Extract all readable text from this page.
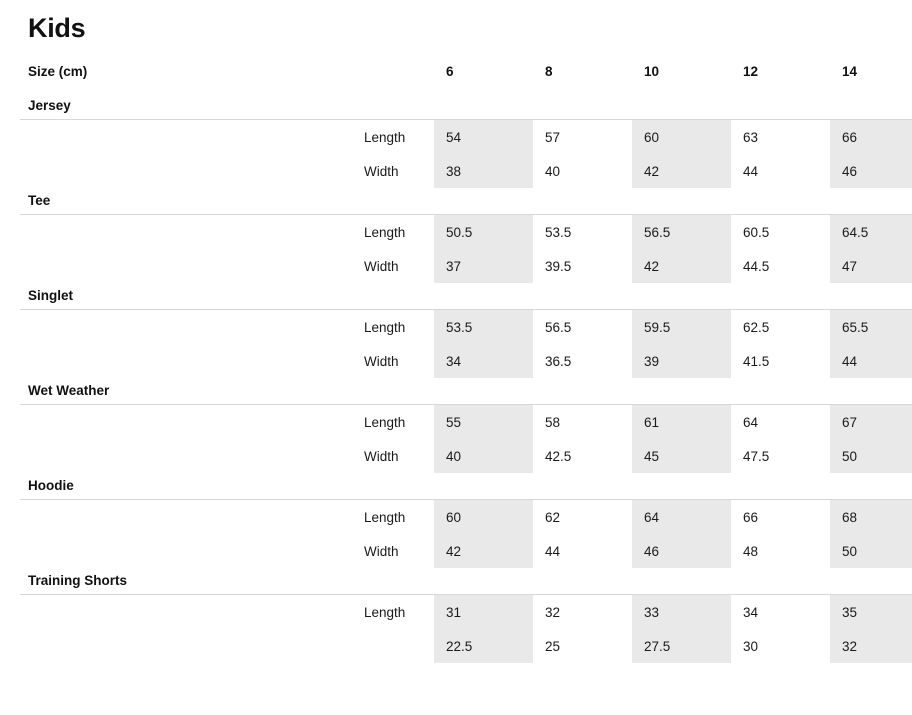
Kids
Size (cm)		6	8	10	12	14
Jersey						
	Length	54	57	60	63	66
	Width	38	40	42	44	46
Tee						
	Length	50.5	53.5	56.5	60.5	64.5
	Width	37	39.5	42	44.5	47
Singlet						
	Length	53.5	56.5	59.5	62.5	65.5
	Width	34	36.5	39	41.5	44
Wet Weather						
	Length	55	58	61	64	67
	Width	40	42.5	45	47.5	50
Hoodie						
	Length	60	62	64	66	68
	Width	42	44	46	48	50
Training Shorts						
	Length	31	32	33	34	35
		22.5	25	27.5	30	32
